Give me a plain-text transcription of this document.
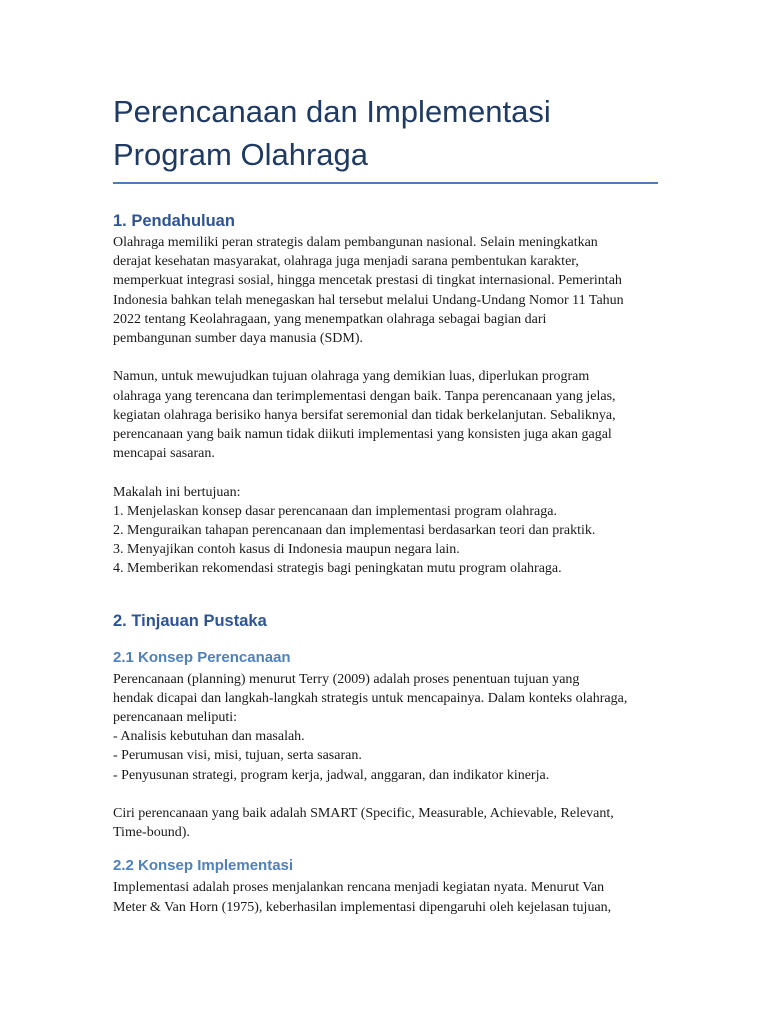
Perencanaan dan Implementasi
Program Olahraga
1. Pendahuluan

Olahraga memiliki peran strategis dalam pembangunan nasional. Selain meningkatkan
derajat kesehatan masyarakat, olahraga juga menjadi sarana pembentukan karakter,
memperkuat integrasi sosial, hingga mencetak prestasi di tingkat internasional. Pemerintah
Indonesia bahkan telah menegaskan hal tersebut melalui Undang-Undang Nomor 11 Tahun
2022 tentang Keolahragaan, yang menempatkan olahraga sebagai bagian dari
pembangunan sumber daya manusia (SDM).

Namun, untuk mewujudkan tujuan olahraga yang demikian luas, diperlukan program
olahraga yang terencana dan terimplementasi dengan baik. Tanpa perencanaan yang jelas,
kegiatan olahraga berisiko hanya bersifat seremonial dan tidak berkelanjutan. Sebaliknya,
perencanaan yang baik namun tidak diikuti implementasi yang konsisten juga akan gagal
mencapai sasaran.

Makalah ini bertujuan:
1. Menjelaskan konsep dasar perencanaan dan implementasi program olahraga.
2. Menguraikan tahapan perencanaan dan implementasi berdasarkan teori dan praktik.
3. Menyajikan contoh kasus di Indonesia maupun negara lain.
4. Memberikan rekomendasi strategis bagi peningkatan mutu program olahraga.

2. Tinjauan Pustaka
2.1 Konsep Perencanaan

Perencanaan (planning) menurut Terry (2009) adalah proses penentuan tujuan yang
hendak dicapai dan langkah-langkah strategis untuk mencapainya. Dalam konteks olahraga,
perencanaan meliputi:
- Analisis kebutuhan dan masalah.
- Perumusan visi, misi, tujuan, serta sasaran.
- Penyusunan strategi, program kerja, jadwal, anggaran, dan indikator kinerja.

Ciri perencanaan yang baik adalah SMART (Specific, Measurable, Achievable, Relevant,
Time-bound).

2.2 Konsep Implementasi

Implementasi adalah proses menjalankan rencana menjadi kegiatan nyata. Menurut Van
Meter & Van Horn (1975), keberhasilan implementasi dipengaruhi oleh kejelasan tujuan,
